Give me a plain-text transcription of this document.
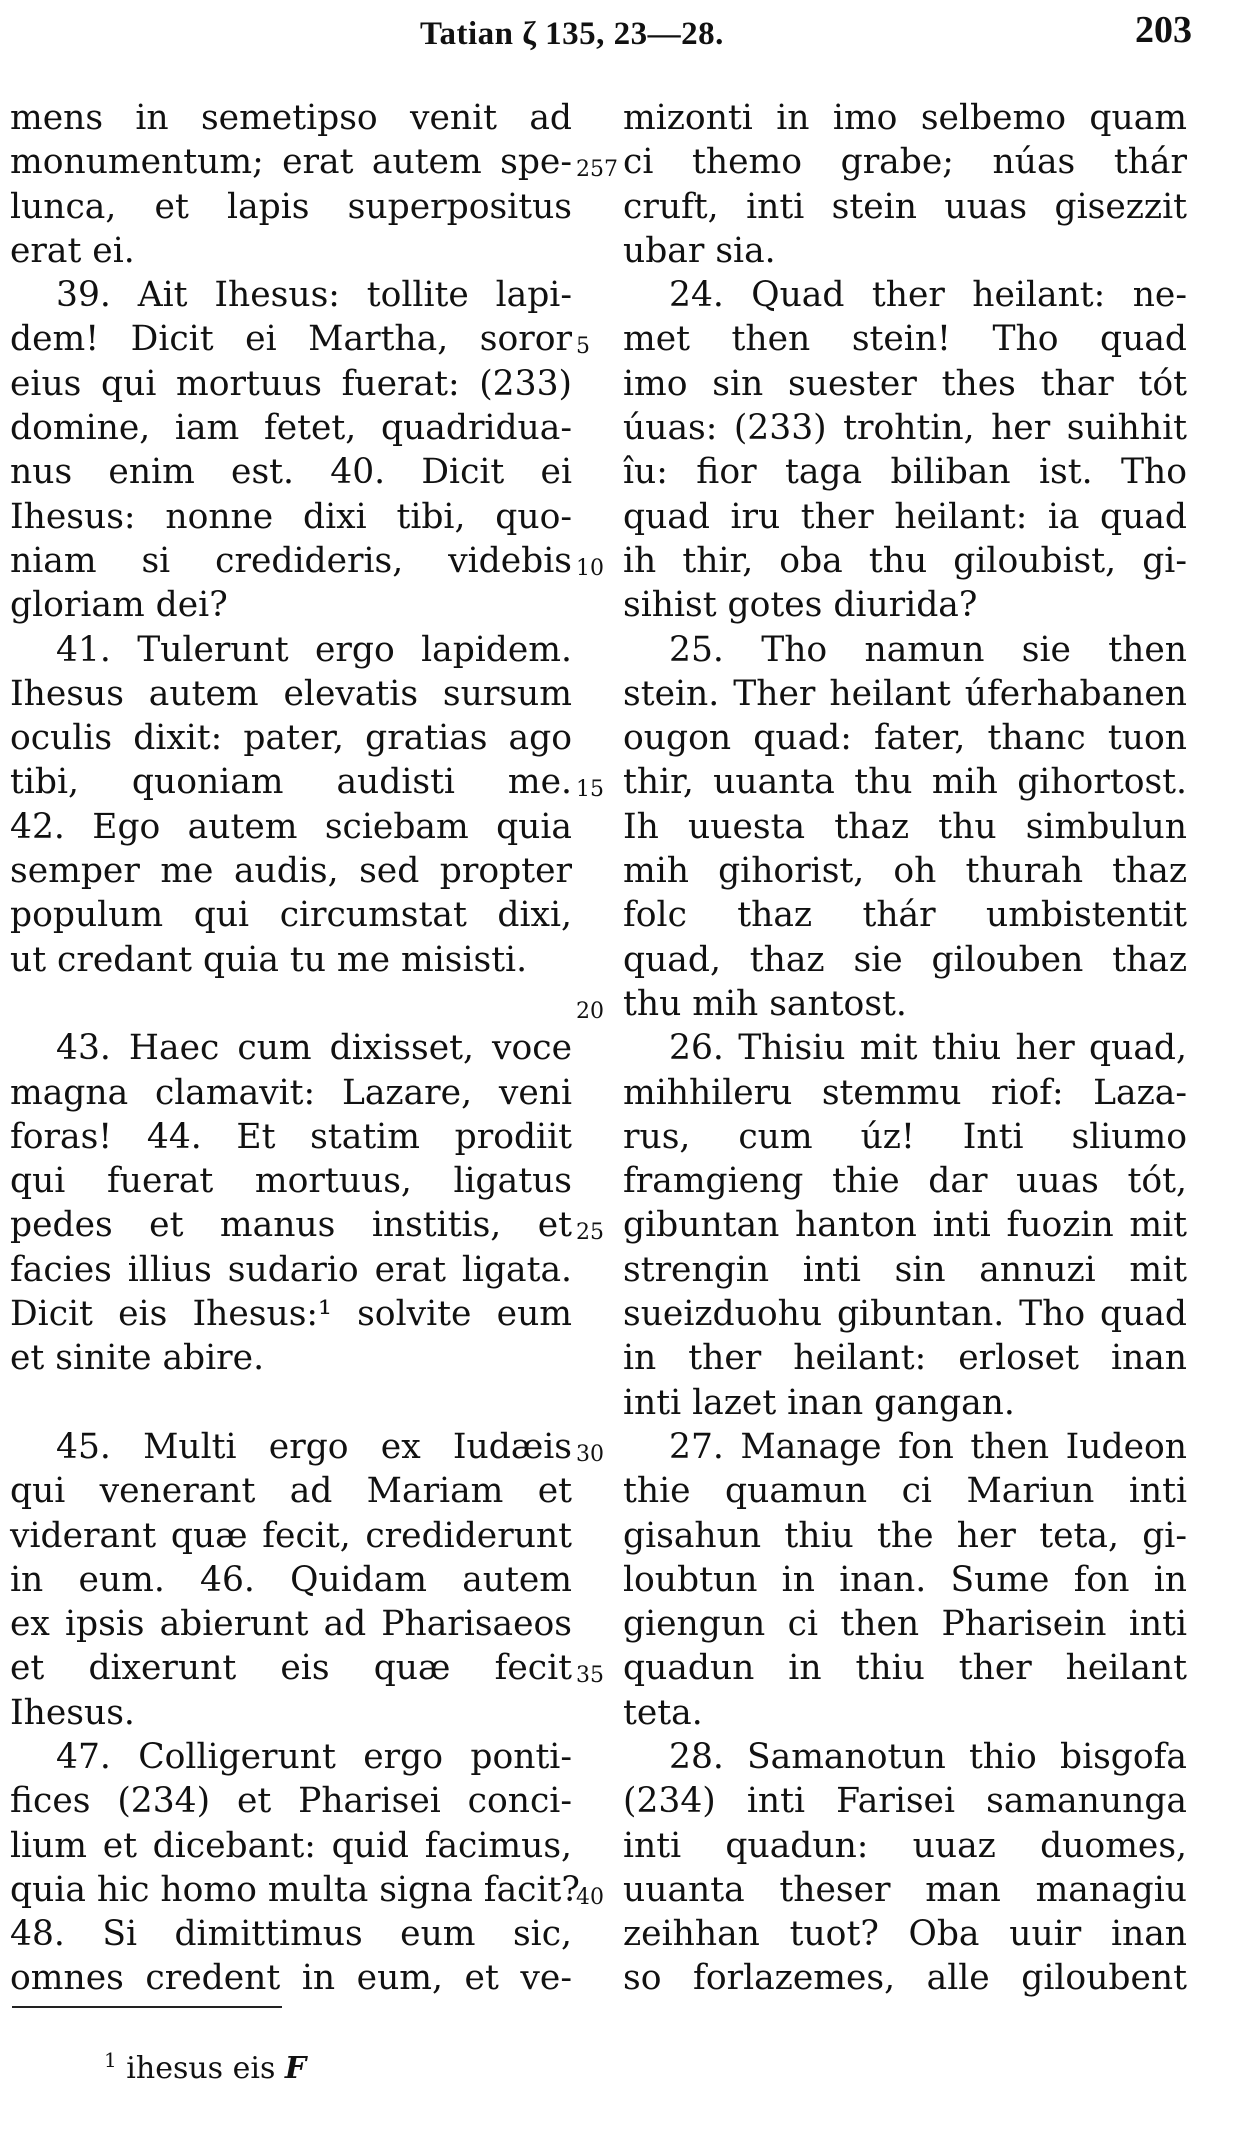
Tatian ζ 135, 23—28.	203
mens in semetipso venit ad
monumentum; erat autem spe-
lunca, et lapis superpositus
erat ei.
39. Ait Ihesus: tollite lapi-
dem! Dicit ei Martha, soror
eius qui mortuus fuerat: (233)
domine, iam fetet, quadridua-
nus enim est. 40. Dicit ei
Ihesus: nonne dixi tibi, quo-
niam si credideris, videbis
gloriam dei?
41. Tulerunt ergo lapidem.
Ihesus autem elevatis sursum
oculis dixit: pater, gratias ago
tibi, quoniam audisti me.
42. Ego autem sciebam quia
semper me audis, sed propter
populum qui circumstat dixi,
ut credant quia tu me misisti.
43. Haec cum dixisset, voce
magna clamavit: Lazare, veni
foras! 44. Et statim prodiit
qui fuerat mortuus, ligatus
pedes et manus institis, et
facies illius sudario erat ligata.
Dicit eis Ihesus:¹ solvite eum
et sinite abire.
45. Multi ergo ex Iudæis
qui venerant ad Mariam et
viderant quæ fecit, crediderunt
in eum. 46. Quidam autem
ex ipsis abierunt ad Pharisaeos
et dixerunt eis quæ fecit
Ihesus.
47. Colligerunt ergo ponti-
fices (234) et Pharisei conci-
lium et dicebant: quid facimus,
quia hic homo multa signa facit?
48. Si dimittimus eum sic,
omnes credent in eum, et ve-
257
5
10
15
20
25
30
35
40
mizonti in imo selbemo quam
ci themo grabe; núas thár
cruft, inti stein uuas gisezzit
ubar sia.
24. Quad ther heilant: ne-
met then stein! Tho quad
imo sin suester thes thar tót
úuas: (233) trohtin, her suihhit
îu: fior taga biliban ist. Tho
quad iru ther heilant: ia quad
ih thir, oba thu giloubist, gi-
sihist gotes diurida?
25. Tho namun sie then
stein. Ther heilant úferhabanen
ougon quad: fater, thanc tuon
thir, uuanta thu mih gihortost.
Ih uuesta thaz thu simbulun
mih gihorist, oh thurah thaz
folc thaz thár umbistentit
quad, thaz sie gilouben thaz
thu mih santost.
26. Thisiu mit thiu her quad,
mihhileru stemmu riof: Laza-
rus, cum úz! Inti sliumo
framgieng thie dar uuas tót,
gibuntan hanton inti fuozin mit
strengin inti sin annuzi mit
sueizduohu gibuntan. Tho quad
in ther heilant: erloset inan
inti lazet inan gangan.
27. Manage fon then Iudeon
thie quamun ci Mariun inti
gisahun thiu the her teta, gi-
loubtun in inan. Sume fon in
giengun ci then Pharisein inti
quadun in thiu ther heilant
teta.
28. Samanotun thio bisgofa
(234) inti Farisei samanunga
inti quadun: uuaz duomes,
uuanta theser man managiu
zeihhan tuot? Oba uuir inan
so forlazemes, alle giloubent
$^1$ ihesus eis F
